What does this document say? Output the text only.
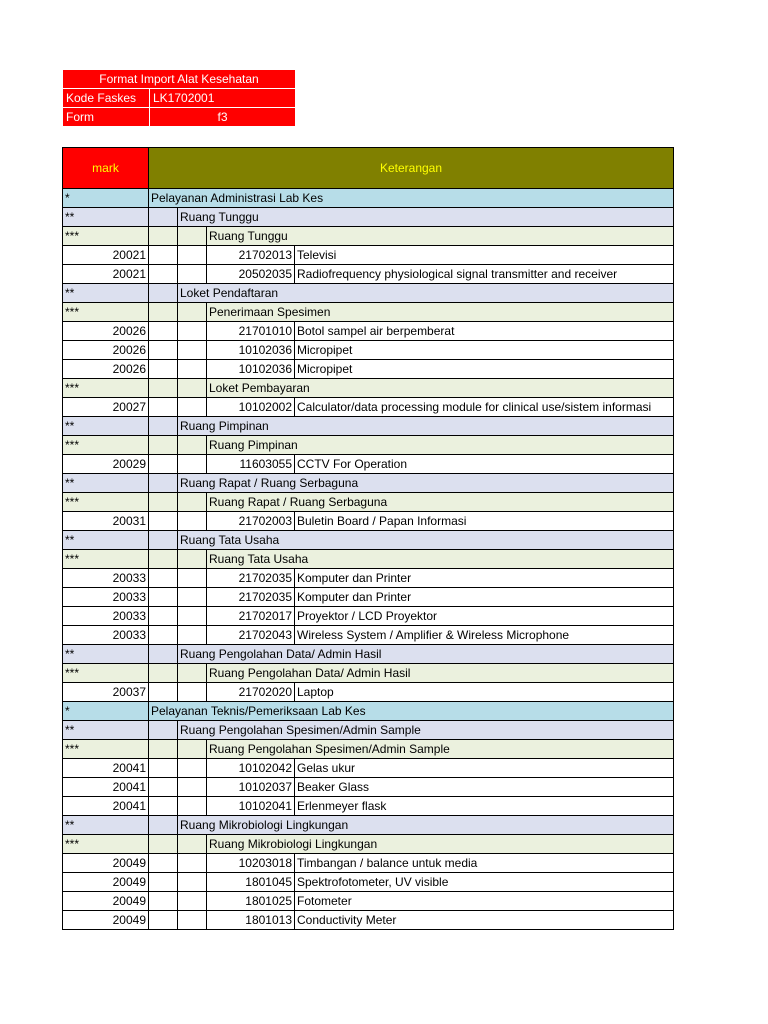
Format Import Alat Kesehatan	
Kode Faskes	LK1702001
Form	f3
mark	Keterangan			
*	Pelayanan Administrasi Lab Kes			
**		Ruang Tunggu		
***			Ruang Tunggu	
20021			21702013	Televisi
20021			20502035	Radiofrequency physiological signal transmitter and receiver
**		Loket Pendaftaran		
***			Penerimaan Spesimen	
20026			21701010	Botol sampel air berpemberat
20026			10102036	Micropipet
20026			10102036	Micropipet
***			Loket Pembayaran	
20027			10102002	Calculator/data processing module for clinical use/sistem informasi
**		Ruang Pimpinan		
***			Ruang Pimpinan	
20029			11603055	CCTV For Operation
**		Ruang Rapat / Ruang Serbaguna		
***			Ruang Rapat / Ruang Serbaguna	
20031			21702003	Buletin Board / Papan Informasi
**		Ruang Tata Usaha		
***			Ruang Tata Usaha	
20033			21702035	Komputer dan Printer
20033			21702035	Komputer dan Printer
20033			21702017	Proyektor / LCD Proyektor
20033			21702043	Wireless System / Amplifier & Wireless Microphone
**		Ruang Pengolahan Data/ Admin Hasil		
***			Ruang Pengolahan Data/ Admin Hasil	
20037			21702020	Laptop
*	Pelayanan Teknis/Pemeriksaan Lab Kes			
**		Ruang Pengolahan Spesimen/Admin Sample		
***			Ruang Pengolahan Spesimen/Admin Sample	
20041			10102042	Gelas ukur
20041			10102037	Beaker Glass
20041			10102041	Erlenmeyer flask
**		Ruang Mikrobiologi Lingkungan		
***			Ruang Mikrobiologi Lingkungan	
20049			10203018	Timbangan / balance untuk media
20049			1801045	Spektrofotometer, UV visible
20049			1801025	Fotometer
20049			1801013	Conductivity Meter
